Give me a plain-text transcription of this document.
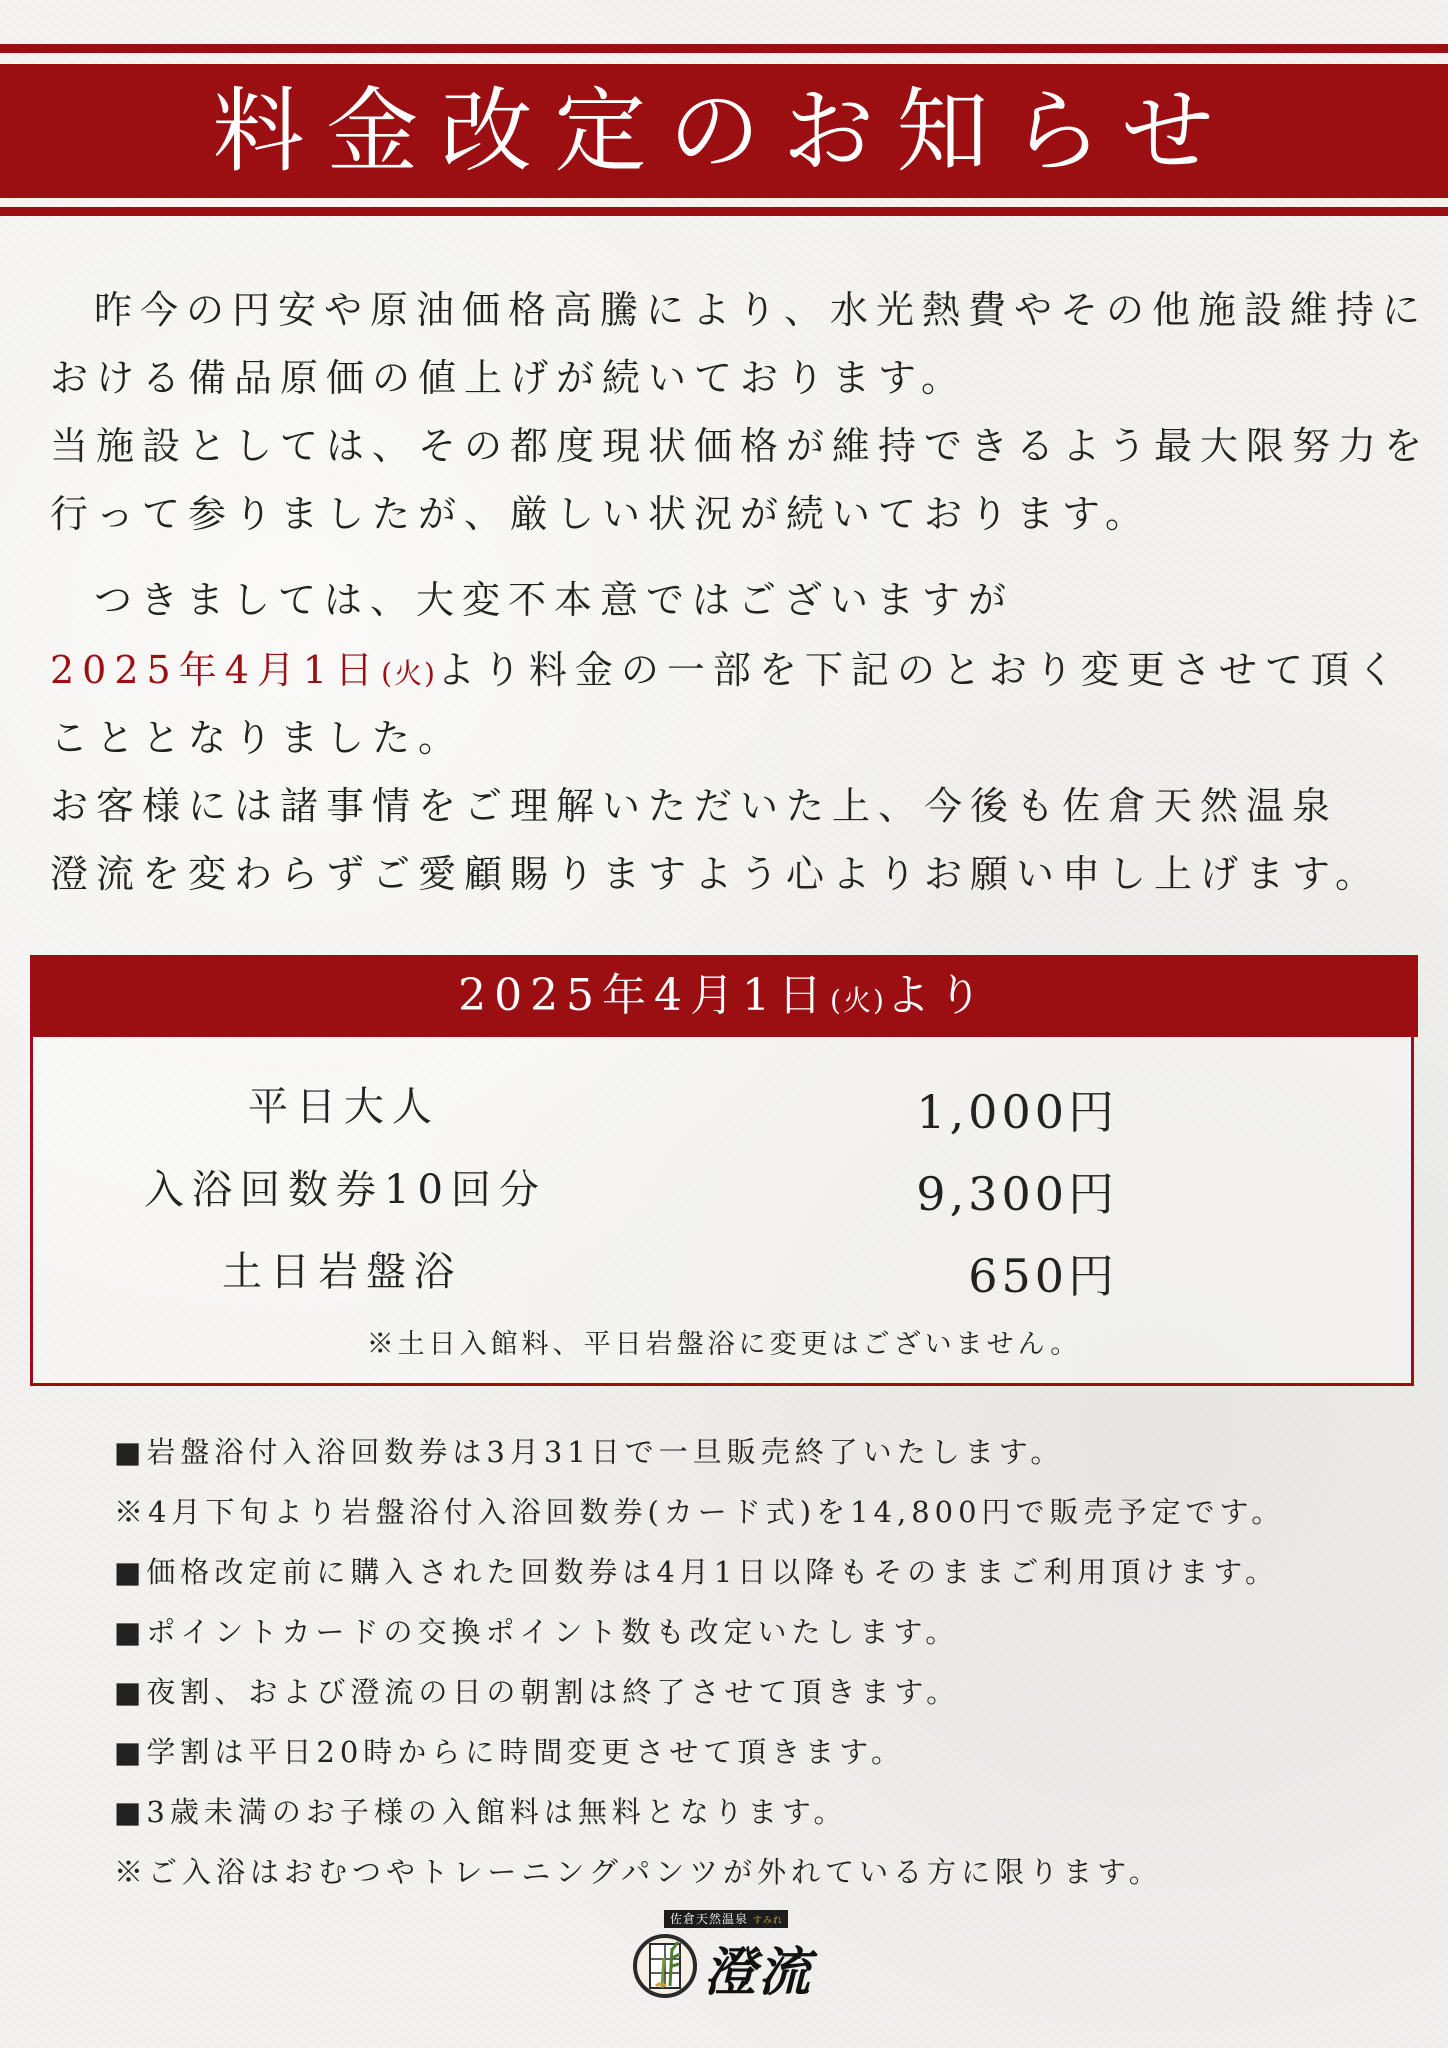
料金改定のお知らせ
昨今の円安や原油価格高騰により、水光熱費やその他施設維持に
おける備品原価の値上げが続いております。
当施設としては、その都度現状価格が維持できるよう最大限努力を
行って参りましたが、厳しい状況が続いております。
つきましては、大変不本意ではございますが
2025年4月1日(火)より料金の一部を下記のとおり変更させて頂く
こととなりました。
お客様には諸事情をご理解いただいた上、今後も佐倉天然温泉
澄流を変わらずご愛顧賜りますよう心よりお願い申し上げます。
2025年4月1日(火)より
平日大人	1,000円
入浴回数券10回分	9,300円
土日岩盤浴	650円
※土日入館料、平日岩盤浴に変更はございません。
■岩盤浴付入浴回数券は3月31日で一旦販売終了いたします。
※4月下旬より岩盤浴付入浴回数券(カード式)を14,800円で販売予定です。
■価格改定前に購入された回数券は4月1日以降もそのままご利用頂けます。
■ポイントカードの交換ポイント数も改定いたします。
■夜割、および澄流の日の朝割は終了させて頂きます。
■学割は平日20時からに時間変更させて頂きます。
■3歳未満のお子様の入館料は無料となります。
※ご入浴はおむつやトレーニングパンツが外れている方に限ります。
佐倉天然温泉 すみれ
澄流
